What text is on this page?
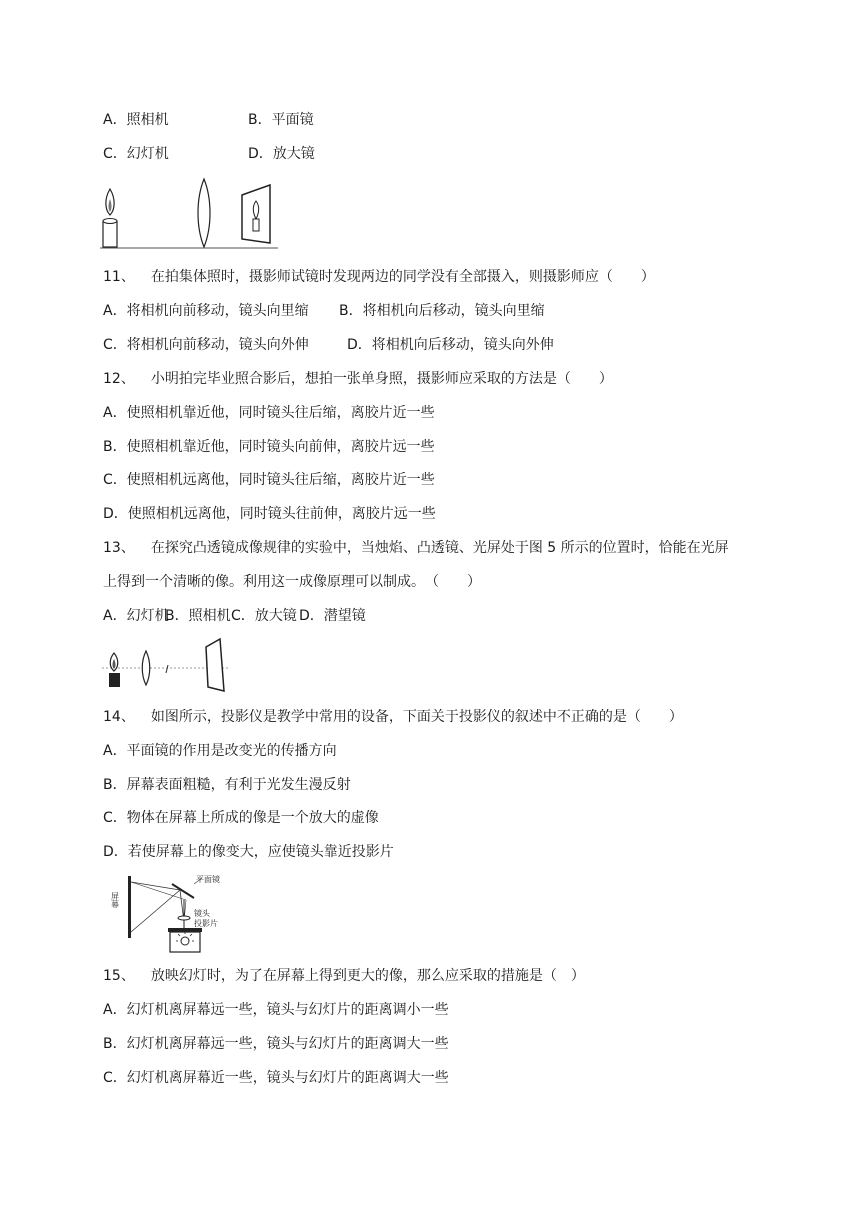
A．照相机	B．平面镜
C．幻灯机	D．放大镜
11、 在拍集体照时，摄影师试镜时发现两边的同学没有全部摄入，则摄影师应（　　）
A．将相机向前移动，镜头向里缩 B．将相机向后移动，镜头向里缩
C．将相机向前移动，镜头向外伸	D．将相机向后移动，镜头向外伸
12、 小明拍完毕业照合影后，想拍一张单身照，摄影师应采取的方法是（　　）
A．使照相机靠近他，同时镜头往后缩，离胶片近一些
B．使照相机靠近他，同时镜头向前伸，离胶片远一些
C．使照相机远离他，同时镜头往后缩，离胶片近一些
D．使照相机远离他，同时镜头往前伸，离胶片远一些
13、 在探究凸透镜成像规律的实验中，当烛焰、凸透镜、光屏处于图 5 所示的位置时，恰能在光屏
上得到一个清晰的像。利用这一成像原理可以制成。　（　　）
A．幻灯机B．照相机C．放大镜 D．潜望镜
14、 如图所示，投影仪是教学中常用的设备，下面关于投影仪的叙述中不正确的是（　　）
A．平面镜的作用是改变光的传播方向
B．屏幕表面粗糙，有利于光发生漫反射
C．物体在屏幕上所成的像是一个放大的虚像
D．若使屏幕上的像变大，应使镜头靠近投影片
屏幕
平面镜
镜头
投影片
15、 放映幻灯时，为了在屏幕上得到更大的像，那么应采取的措施是（　）
A．幻灯机离屏幕远一些，镜头与幻灯片的距离调小一些
B．幻灯机离屏幕远一些，镜头与幻灯片的距离调大一些
C．幻灯机离屏幕近一些，镜头与幻灯片的距离调大一些
